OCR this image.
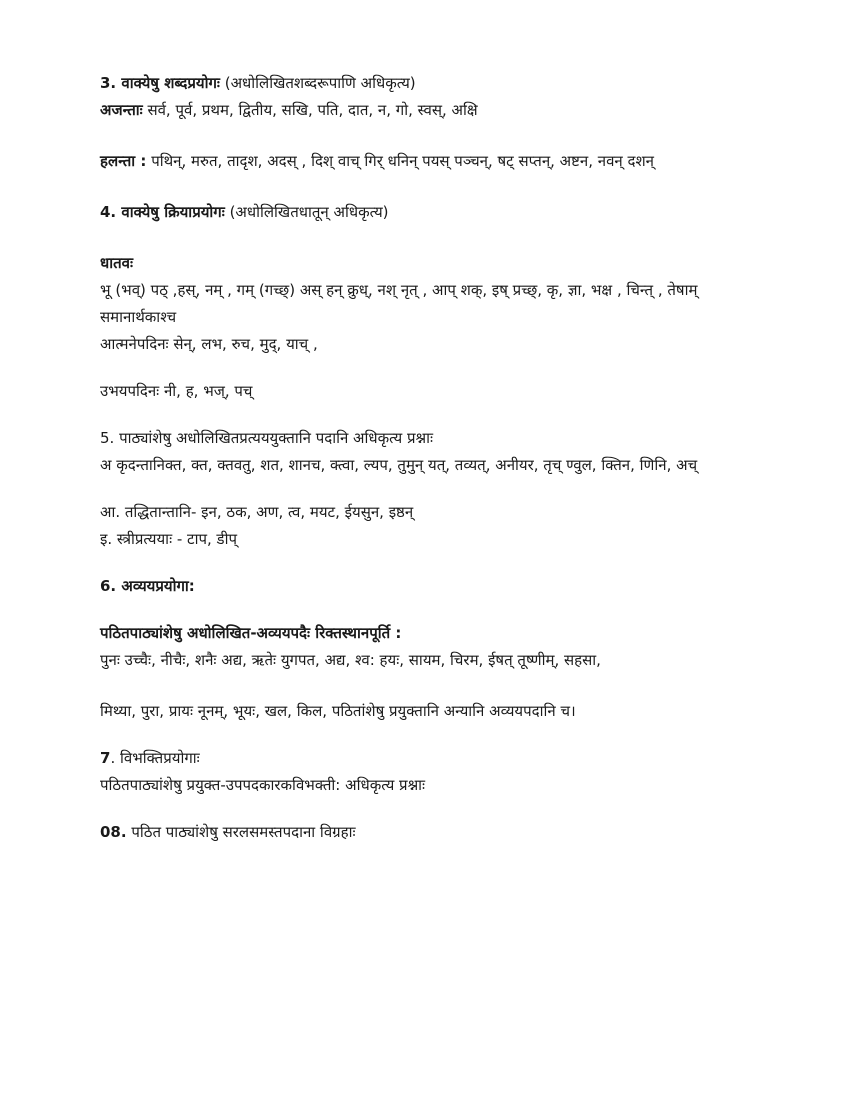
3. वाक्येषु शब्दप्रयोगः (अधोलिखितशब्दरूपाणि अधिकृत्य)
अजन्ताः सर्व, पूर्व, प्रथम, द्वितीय, सखि, पति, दात, न, गो, स्वस्, अक्षि
हलन्ता : पथिन्, मरुत, तादृश, अदस् , दिश् वाच् गिर् धनिन् पयस् पञ्चन्, षट् सप्तन्, अष्टन, नवन् दशन्
4. वाक्येषु क्रियाप्रयोगः (अधोलिखितधातून् अधिकृत्य)
धातवः
भू (भव्) पठ् ,हस्, नम् , गम् (गच्छ्) अस् हन् क्रुध्, नश् नृत् , आप् शक्, इष् प्रच्छ्, कृ, ज्ञा, भक्ष , चिन्त् , तेषाम् समानार्थकाश्च
आत्मनेपदिनः सेन्, लभ, रुच, मुद्, याच् ,
उभयपदिनः नी, ह, भज्, पच्
5. पाठ्यांशेषु अधोलिखितप्रत्यययुक्तानि पदानि अधिकृत्य प्रश्नाः
अ कृदन्तानिक्त, क्त, क्तवतु, शत, शानच, क्त्वा, ल्यप, तुमुन् यत्, तव्यत्, अनीयर, तृच् ण्वुल, क्तिन, णिनि, अच्
आ. तद्धितान्तानि- इन, ठक, अण, त्व, मयट, ईयसुन, इष्ठन्
इ. स्त्रीप्रत्ययाः - टाप, डीप्
6. अव्ययप्रयोगा:
पठितपाठ्यांशेषु अधोलिखित-अव्ययपदैः रिक्तस्थानपूर्ति :
पुनः उच्चैः, नीचैः, शनैः अद्य, ऋतेः युगपत, अद्य, श्व: हयः, सायम, चिरम, ईषत् तूष्णीम्, सहसा,
मिथ्या, पुरा, प्रायः नूनम्, भूयः, खल, किल, पठितांशेषु प्रयुक्तानि अन्यानि अव्ययपदानि च।
7. विभक्तिप्रयोगाः
पठितपाठ्यांशेषु प्रयुक्त-उपपदकारकविभक्ती: अधिकृत्य प्रश्नाः
08. पठित पाठ्यांशेषु सरलसमस्तपदाना विग्रहाः
